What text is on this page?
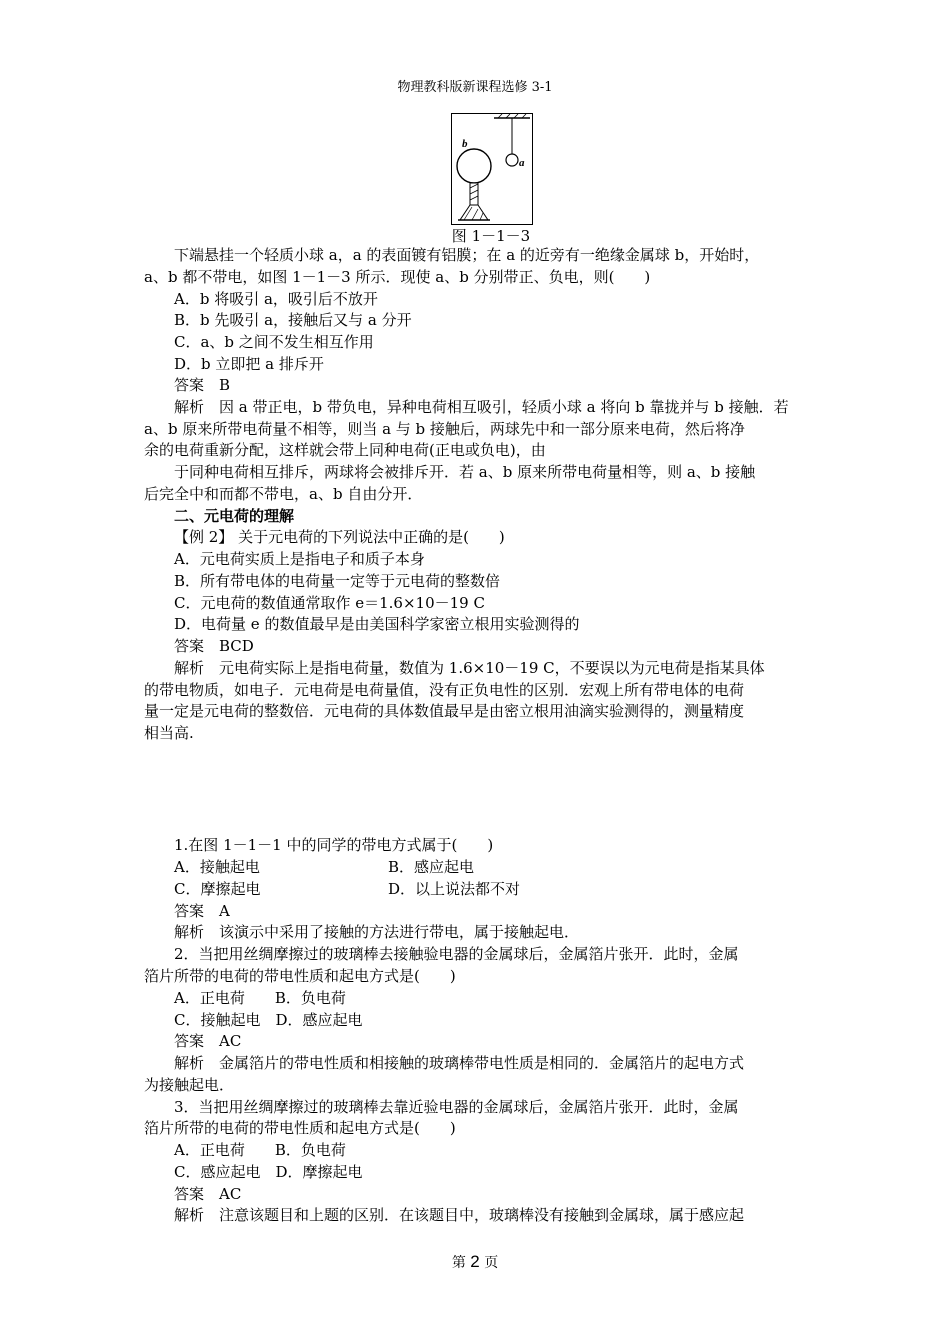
物理教科版新课程选修 3-1
b
a
图 1－1－3
下端悬挂一个轻质小球 a，a 的表面镀有铝膜；在 a 的近旁有一绝缘金属球 b，开始时，
a、b 都不带电，如图 1－1－3 所示．现使 a、b 分别带正、负电，则(　　)
A．b 将吸引 a，吸引后不放开
B．b 先吸引 a，接触后又与 a 分开
C．a、b 之间不发生相互作用
D．b 立即把 a 排斥开
答案　B
解析　因 a 带正电，b 带负电，异种电荷相互吸引，轻质小球 a 将向 b 靠拢并与 b 接触．若
a、b 原来所带电荷量不相等，则当 a 与 b 接触后，两球先中和一部分原来电荷，然后将净
余的电荷重新分配，这样就会带上同种电荷(正电或负电)，由
于同种电荷相互排斥，两球将会被排斥开．若 a、b 原来所带电荷量相等，则 a、b 接触
后完全中和而都不带电，a、b 自由分开．
二、元电荷的理解
【例 2】 关于元电荷的下列说法中正确的是(　　)
A．元电荷实质上是指电子和质子本身
B．所有带电体的电荷量一定等于元电荷的整数倍
C．元电荷的数值通常取作 e＝1.6×10－19 C
D．电荷量 e 的数值最早是由美国科学家密立根用实验测得的
答案　BCD
解析　元电荷实际上是指电荷量，数值为 1.6×10－19 C，不要误以为元电荷是指某具体
的带电物质，如电子．元电荷是电荷量值，没有正负电性的区别．宏观上所有带电体的电荷
量一定是元电荷的整数倍．元电荷的具体数值最早是由密立根用油滴实验测得的，测量精度
相当高.
1.在图 1－1－1 中的同学的带电方式属于(　　)
A．接触起电	B．感应起电
C．摩擦起电	D．以上说法都不对
答案　A
解析　该演示中采用了接触的方法进行带电，属于接触起电．
2．当把用丝绸摩擦过的玻璃棒去接触验电器的金属球后，金属箔片张开．此时，金属
箔片所带的电荷的带电性质和起电方式是(　　)
A．正电荷　　B．负电荷
C．接触起电　D．感应起电
答案　AC
解析　金属箔片的带电性质和相接触的玻璃棒带电性质是相同的．金属箔片的起电方式
为接触起电．
3．当把用丝绸摩擦过的玻璃棒去靠近验电器的金属球后，金属箔片张开．此时，金属
箔片所带的电荷的带电性质和起电方式是(　　)
A．正电荷　　B．负电荷
C．感应起电　D．摩擦起电
答案　AC
解析　注意该题目和上题的区别．在该题目中，玻璃棒没有接触到金属球，属于感应起
第 2 页
